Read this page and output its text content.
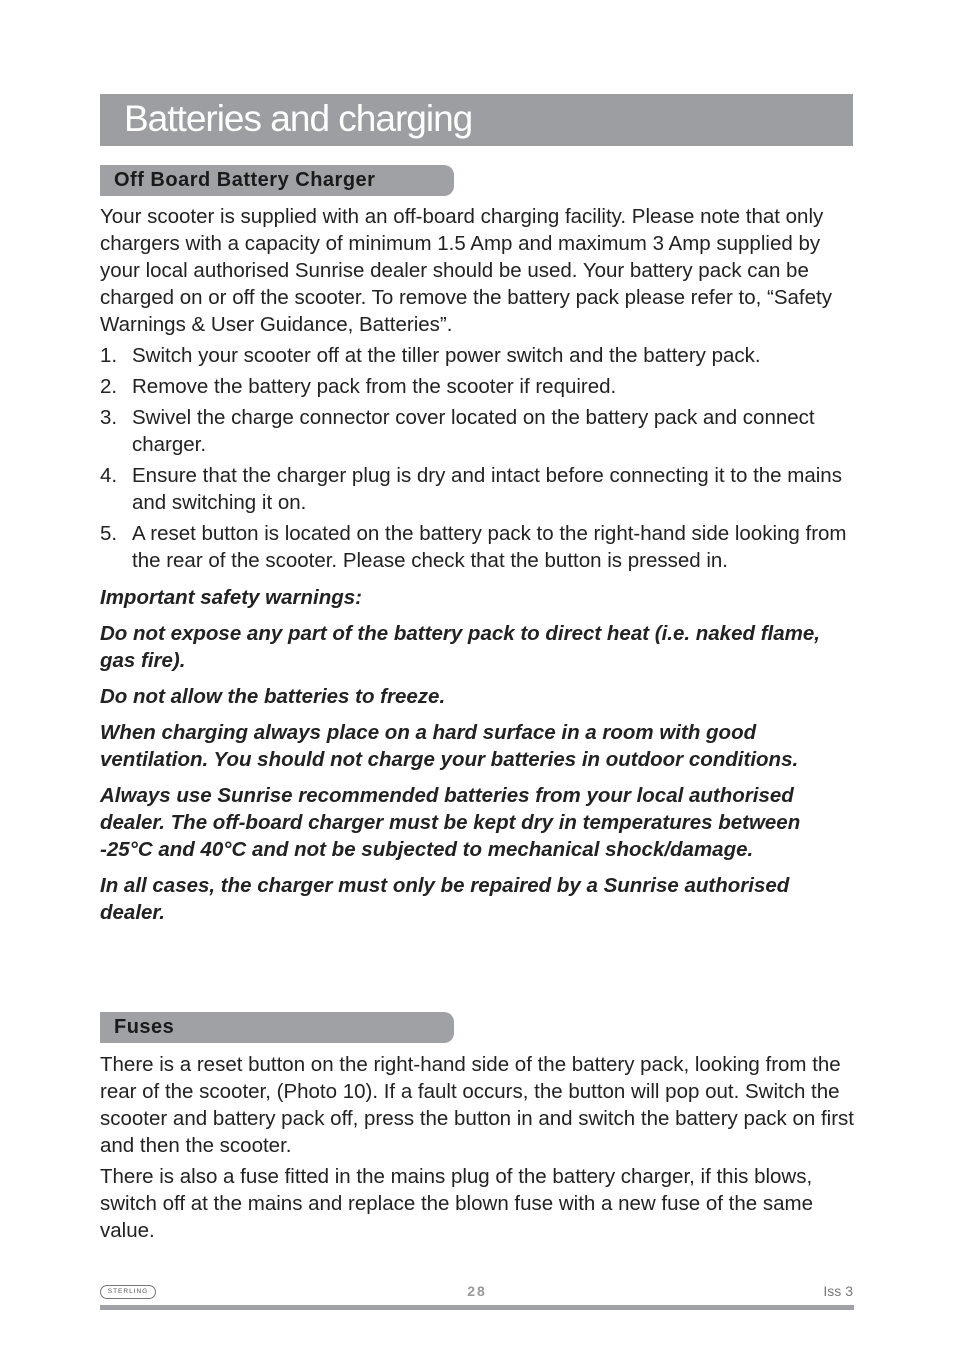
Batteries and charging
Off Board Battery Charger

Your scooter is supplied with an off-board charging facility. Please note that only chargers with a capacity of minimum 1.5 Amp and maximum 3 Amp supplied by your local authorised Sunrise dealer should be used. Your battery pack can be charged on or off the scooter. To remove the battery pack please refer to, “Safety Warnings & User Guidance, Batteries”.

1. Switch your scooter off at the tiller power switch and the battery pack.
2. Remove the battery pack from the scooter if required.
3. Swivel the charge connector cover located on the battery pack and connect charger.
4. Ensure that the charger plug is dry and intact before connecting it to the mains and switching it on.
5. A reset button is located on the battery pack to the right-hand side looking from the rear of the scooter. Please check that the button is pressed in.

Important safety warnings:

Do not expose any part of the battery pack to direct heat (i.e. naked flame, gas fire).

Do not allow the batteries to freeze.

When charging always place on a hard surface in a room with good ventilation. You should not charge your batteries in outdoor conditions.

Always use Sunrise recommended batteries from your local authorised dealer. The off-board charger must be kept dry in temperatures between -25°C and 40°C and not be subjected to mechanical shock/damage.

In all cases, the charger must only be repaired by a Sunrise authorised dealer.

Fuses

There is a reset button on the right-hand side of the battery pack, looking from the rear of the scooter, (Photo 10). If a fault occurs, the button will pop out. Switch the scooter and battery pack off, press the button in and switch the battery pack on first and then the scooter.

There is also a fuse fitted in the mains plug of the battery charger, if this blows, switch off at the mains and replace the blown fuse with a new fuse of the same value.

STERLING	28	Iss 3
